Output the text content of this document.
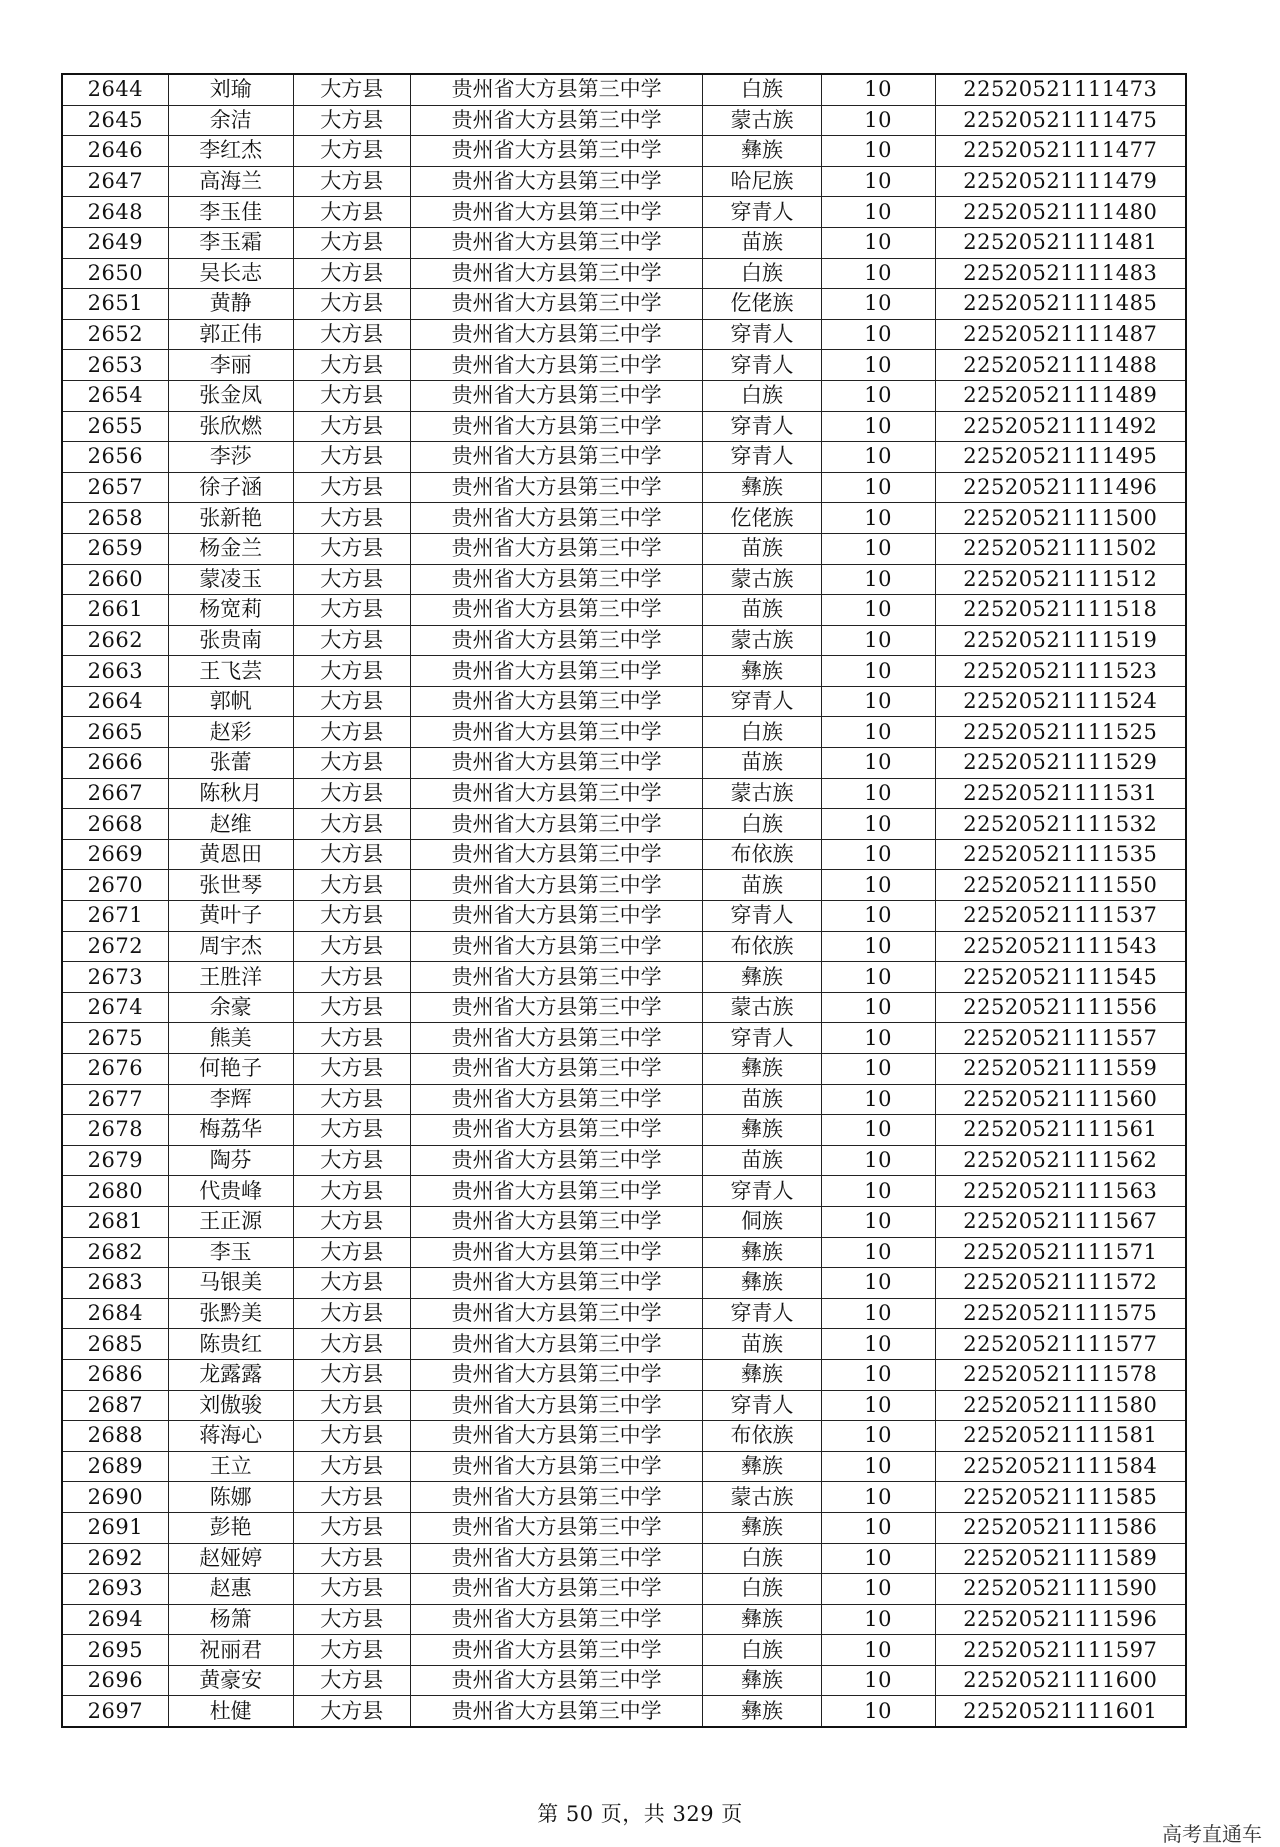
2644	刘瑜	大方县	贵州省大方县第三中学	白族	10	22520521111473
2645	余洁	大方县	贵州省大方县第三中学	蒙古族	10	22520521111475
2646	李红杰	大方县	贵州省大方县第三中学	彝族	10	22520521111477
2647	高海兰	大方县	贵州省大方县第三中学	哈尼族	10	22520521111479
2648	李玉佳	大方县	贵州省大方县第三中学	穿青人	10	22520521111480
2649	李玉霜	大方县	贵州省大方县第三中学	苗族	10	22520521111481
2650	吴长志	大方县	贵州省大方县第三中学	白族	10	22520521111483
2651	黄静	大方县	贵州省大方县第三中学	仡佬族	10	22520521111485
2652	郭正伟	大方县	贵州省大方县第三中学	穿青人	10	22520521111487
2653	李丽	大方县	贵州省大方县第三中学	穿青人	10	22520521111488
2654	张金凤	大方县	贵州省大方县第三中学	白族	10	22520521111489
2655	张欣燃	大方县	贵州省大方县第三中学	穿青人	10	22520521111492
2656	李莎	大方县	贵州省大方县第三中学	穿青人	10	22520521111495
2657	徐子涵	大方县	贵州省大方县第三中学	彝族	10	22520521111496
2658	张新艳	大方县	贵州省大方县第三中学	仡佬族	10	22520521111500
2659	杨金兰	大方县	贵州省大方县第三中学	苗族	10	22520521111502
2660	蒙凌玉	大方县	贵州省大方县第三中学	蒙古族	10	22520521111512
2661	杨宽莉	大方县	贵州省大方县第三中学	苗族	10	22520521111518
2662	张贵南	大方县	贵州省大方县第三中学	蒙古族	10	22520521111519
2663	王飞芸	大方县	贵州省大方县第三中学	彝族	10	22520521111523
2664	郭帆	大方县	贵州省大方县第三中学	穿青人	10	22520521111524
2665	赵彩	大方县	贵州省大方县第三中学	白族	10	22520521111525
2666	张蕾	大方县	贵州省大方县第三中学	苗族	10	22520521111529
2667	陈秋月	大方县	贵州省大方县第三中学	蒙古族	10	22520521111531
2668	赵维	大方县	贵州省大方县第三中学	白族	10	22520521111532
2669	黄恩田	大方县	贵州省大方县第三中学	布依族	10	22520521111535
2670	张世琴	大方县	贵州省大方县第三中学	苗族	10	22520521111550
2671	黄叶子	大方县	贵州省大方县第三中学	穿青人	10	22520521111537
2672	周宇杰	大方县	贵州省大方县第三中学	布依族	10	22520521111543
2673	王胜洋	大方县	贵州省大方县第三中学	彝族	10	22520521111545
2674	余豪	大方县	贵州省大方县第三中学	蒙古族	10	22520521111556
2675	熊美	大方县	贵州省大方县第三中学	穿青人	10	22520521111557
2676	何艳子	大方县	贵州省大方县第三中学	彝族	10	22520521111559
2677	李辉	大方县	贵州省大方县第三中学	苗族	10	22520521111560
2678	梅荔华	大方县	贵州省大方县第三中学	彝族	10	22520521111561
2679	陶芬	大方县	贵州省大方县第三中学	苗族	10	22520521111562
2680	代贵峰	大方县	贵州省大方县第三中学	穿青人	10	22520521111563
2681	王正源	大方县	贵州省大方县第三中学	侗族	10	22520521111567
2682	李玉	大方县	贵州省大方县第三中学	彝族	10	22520521111571
2683	马银美	大方县	贵州省大方县第三中学	彝族	10	22520521111572
2684	张黔美	大方县	贵州省大方县第三中学	穿青人	10	22520521111575
2685	陈贵红	大方县	贵州省大方县第三中学	苗族	10	22520521111577
2686	龙露露	大方县	贵州省大方县第三中学	彝族	10	22520521111578
2687	刘傲骏	大方县	贵州省大方县第三中学	穿青人	10	22520521111580
2688	蒋海心	大方县	贵州省大方县第三中学	布依族	10	22520521111581
2689	王立	大方县	贵州省大方县第三中学	彝族	10	22520521111584
2690	陈娜	大方县	贵州省大方县第三中学	蒙古族	10	22520521111585
2691	彭艳	大方县	贵州省大方县第三中学	彝族	10	22520521111586
2692	赵娅婷	大方县	贵州省大方县第三中学	白族	10	22520521111589
2693	赵惠	大方县	贵州省大方县第三中学	白族	10	22520521111590
2694	杨箫	大方县	贵州省大方县第三中学	彝族	10	22520521111596
2695	祝丽君	大方县	贵州省大方县第三中学	白族	10	22520521111597
2696	黄豪安	大方县	贵州省大方县第三中学	彝族	10	22520521111600
2697	杜健	大方县	贵州省大方县第三中学	彝族	10	22520521111601
第 50 页，共 329 页
高考直通车
